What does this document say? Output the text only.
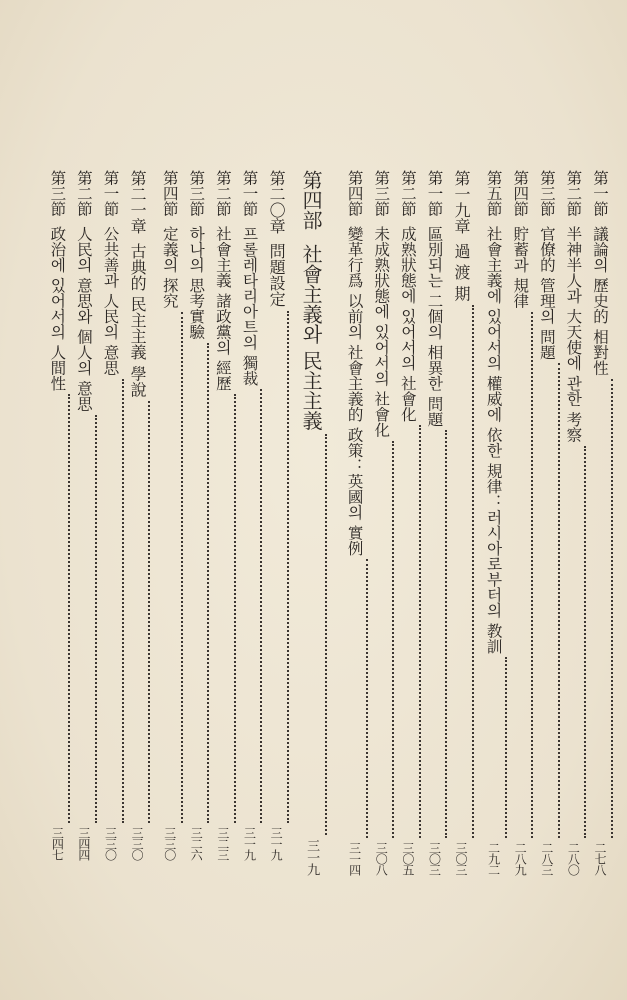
第一節
議論의 歷史的 相對性
二七八
第二節
半神半人과 大天使에 관한 考察
二八〇
第三節
官僚的 管理의 問題
二八三
第四節
貯蓄과 規律
二八九
第五節
社會主義에 있어서의 權威에 依한 規律：러시아로부터의 教訓
二九二
第一九章
過 渡 期
三〇三
第一節
區別되는 二個의 相異한 問題
三〇三
第二節
成熟狀態에 있어서의 社會化
三〇五
第三節
未成熟狀態에 있어서의 社會化
三〇八
第四節
變革行爲 以前의 社會主義的 政策：英國의 實例
三一四
第四部
社會主義와 民主主義
三一九
第二〇章
問題設定
三一九
第一節
프롤레타리아트의 獨裁
三一九
第二節
社會主義 諸政黨의 經歷
三二三
第三節
하나의 思考實驗
三二六
第四節
定義의 探究
三三〇
第二一章
古典的 民主主義 學說
三三〇
第一節
公共善과 人民의 意思
三三〇
第二節
人民의 意思와 個人의 意思
三四四
第三節
政治에 있어서의 人間性
三四七
